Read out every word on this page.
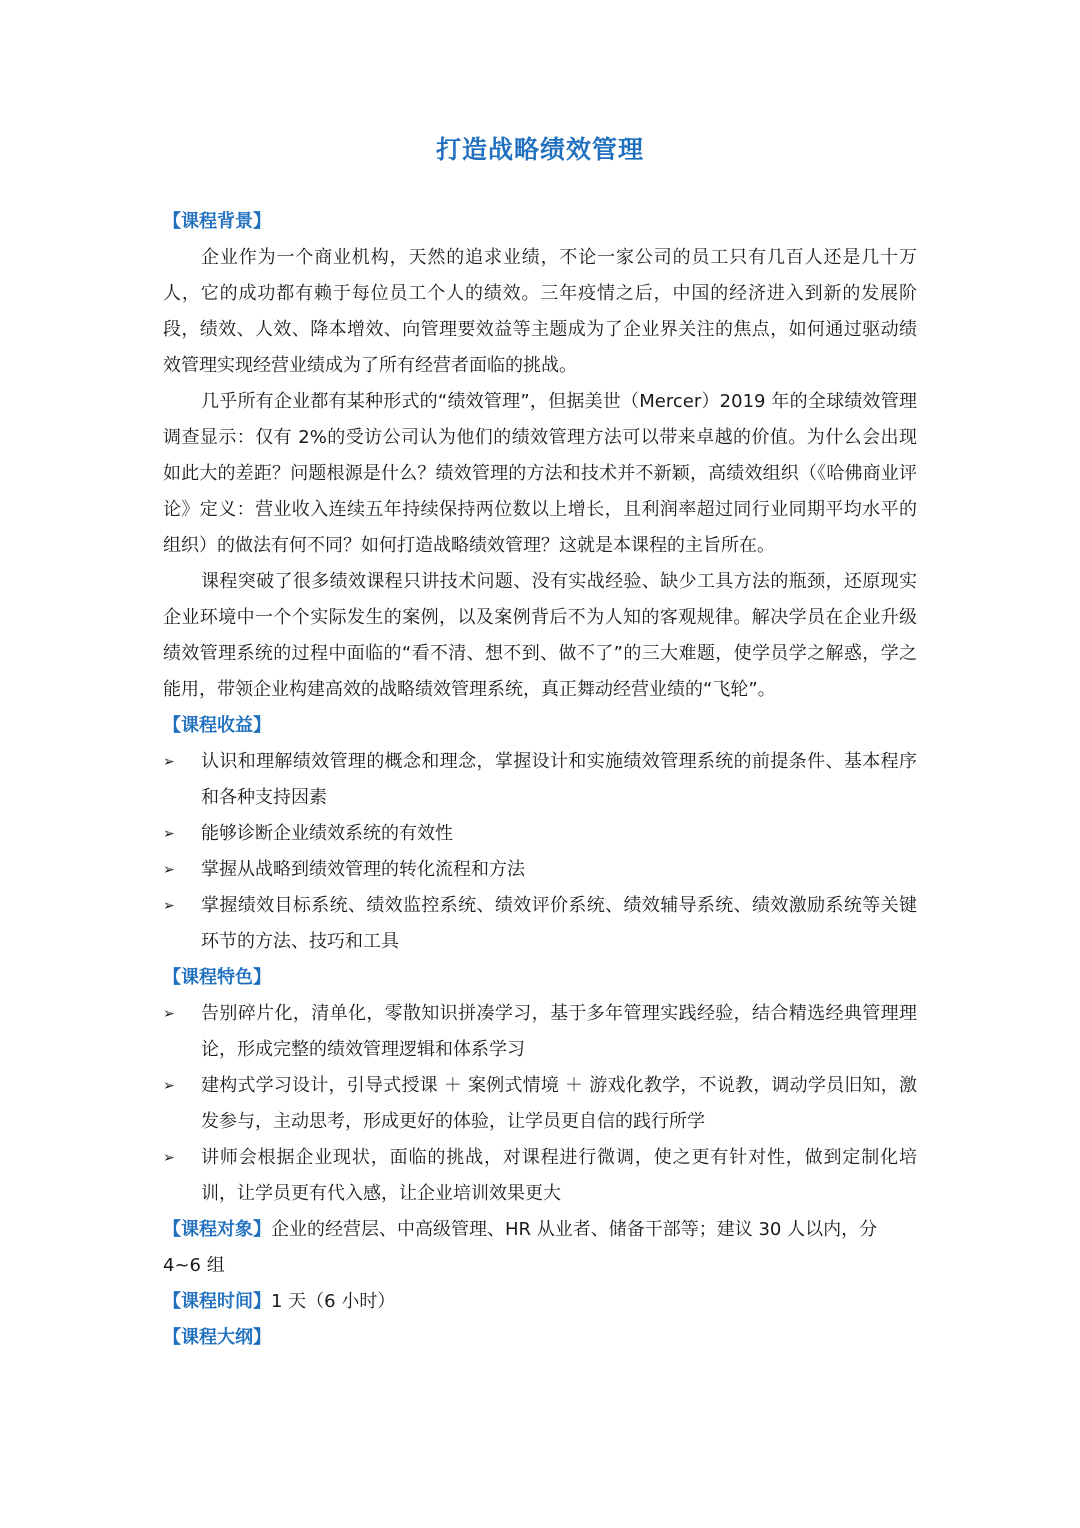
打造战略绩效管理

【课程背景】

企业作为一个商业机构，天然的追求业绩，不论一家公司的员工只有几百人还是几十万人，它的成功都有赖于每位员工个人的绩效。三年疫情之后，中国的经济进入到新的发展阶段，绩效、人效、降本增效、向管理要效益等主题成为了企业界关注的焦点，如何通过驱动绩效管理实现经营业绩成为了所有经营者面临的挑战。

几乎所有企业都有某种形式的“绩效管理”，但据美世（Mercer）2019 年的全球绩效管理调查显示：仅有 2%的受访公司认为他们的绩效管理方法可以带来卓越的价值。为什么会出现如此大的差距？问题根源是什么？绩效管理的方法和技术并不新颖，高绩效组织（《哈佛商业评论》定义：营业收入连续五年持续保持两位数以上增长，且利润率超过同行业同期平均水平的组织）的做法有何不同？如何打造战略绩效管理？这就是本课程的主旨所在。

课程突破了很多绩效课程只讲技术问题、没有实战经验、缺少工具方法的瓶颈，还原现实企业环境中一个个实际发生的案例，以及案例背后不为人知的客观规律。解决学员在企业升级绩效管理系统的过程中面临的“看不清、想不到、做不了”的三大难题，使学员学之解惑，学之能用，带领企业构建高效的战略绩效管理系统，真正舞动经营业绩的“飞轮”。

【课程收益】

➢ 认识和理解绩效管理的概念和理念，掌握设计和实施绩效管理系统的前提条件、基本程序和各种支持因素
➢ 能够诊断企业绩效系统的有效性
➢ 掌握从战略到绩效管理的转化流程和方法
➢ 掌握绩效目标系统、绩效监控系统、绩效评价系统、绩效辅导系统、绩效激励系统等关键环节的方法、技巧和工具

【课程特色】

➢ 告别碎片化，清单化，零散知识拼凑学习，基于多年管理实践经验，结合精选经典管理理论，形成完整的绩效管理逻辑和体系学习
➢ 建构式学习设计，引导式授课 ＋ 案例式情境 ＋ 游戏化教学，不说教，调动学员旧知，激发参与，主动思考，形成更好的体验，让学员更自信的践行所学
➢ 讲师会根据企业现状，面临的挑战，对课程进行微调，使之更有针对性，做到定制化培训，让学员更有代入感，让企业培训效果更大

【课程对象】企业的经营层、中高级管理、HR 从业者、储备干部等；建议 30 人以内，分 4~6 组

【课程时间】1 天（6 小时）

【课程大纲】
